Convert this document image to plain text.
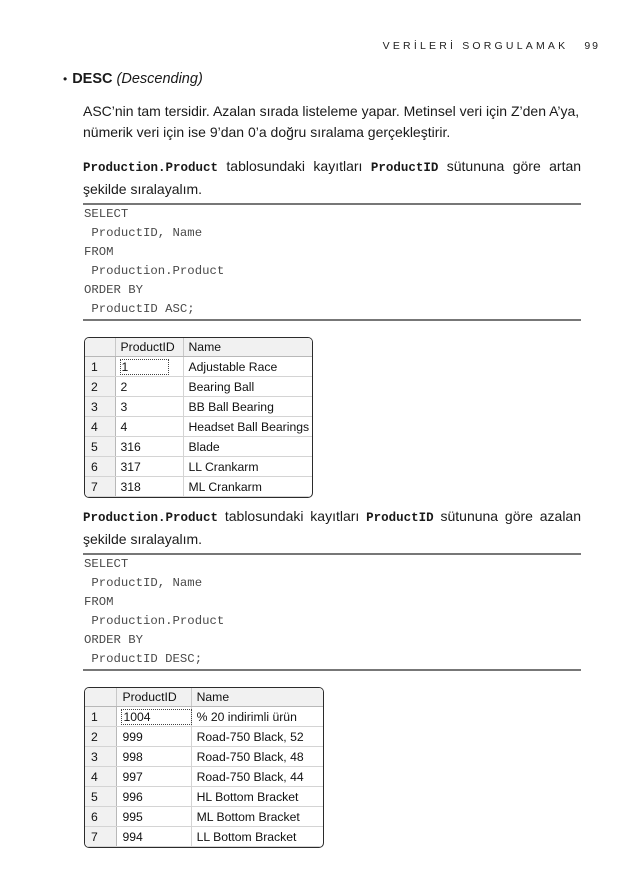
VERİLERİ SORGULAMAK 99
• DESC (Descending)
ASC’nin tam tersidir. Azalan sırada listeleme yapar. Metinsel veri için Z’den A’ya,
nümerik veri için ise 9’dan 0’a doğru sıralama gerçekleştirir.
Production.Product tablosundaki kayıtları ProductID sütununa göre artan
şekilde sıralayalım.
SELECT
ProductID, Name
FROM
Production.Product
ORDER BY
ProductID ASC;
	ProductID	Name
1	1	Adjustable Race
2	2	Bearing Ball
3	3	BB Ball Bearing
4	4	Headset Ball Bearings
5	316	Blade
6	317	LL Crankarm
7	318	ML Crankarm
Production.Product tablosundaki kayıtları ProductID sütununa göre azalan
şekilde sıralayalım.
SELECT
ProductID, Name
FROM
Production.Product
ORDER BY
ProductID DESC;
	ProductID	Name
1	1004	% 20 indirimli ürün
2	999	Road-750 Black, 52
3	998	Road-750 Black, 48
4	997	Road-750 Black, 44
5	996	HL Bottom Bracket
6	995	ML Bottom Bracket
7	994	LL Bottom Bracket
